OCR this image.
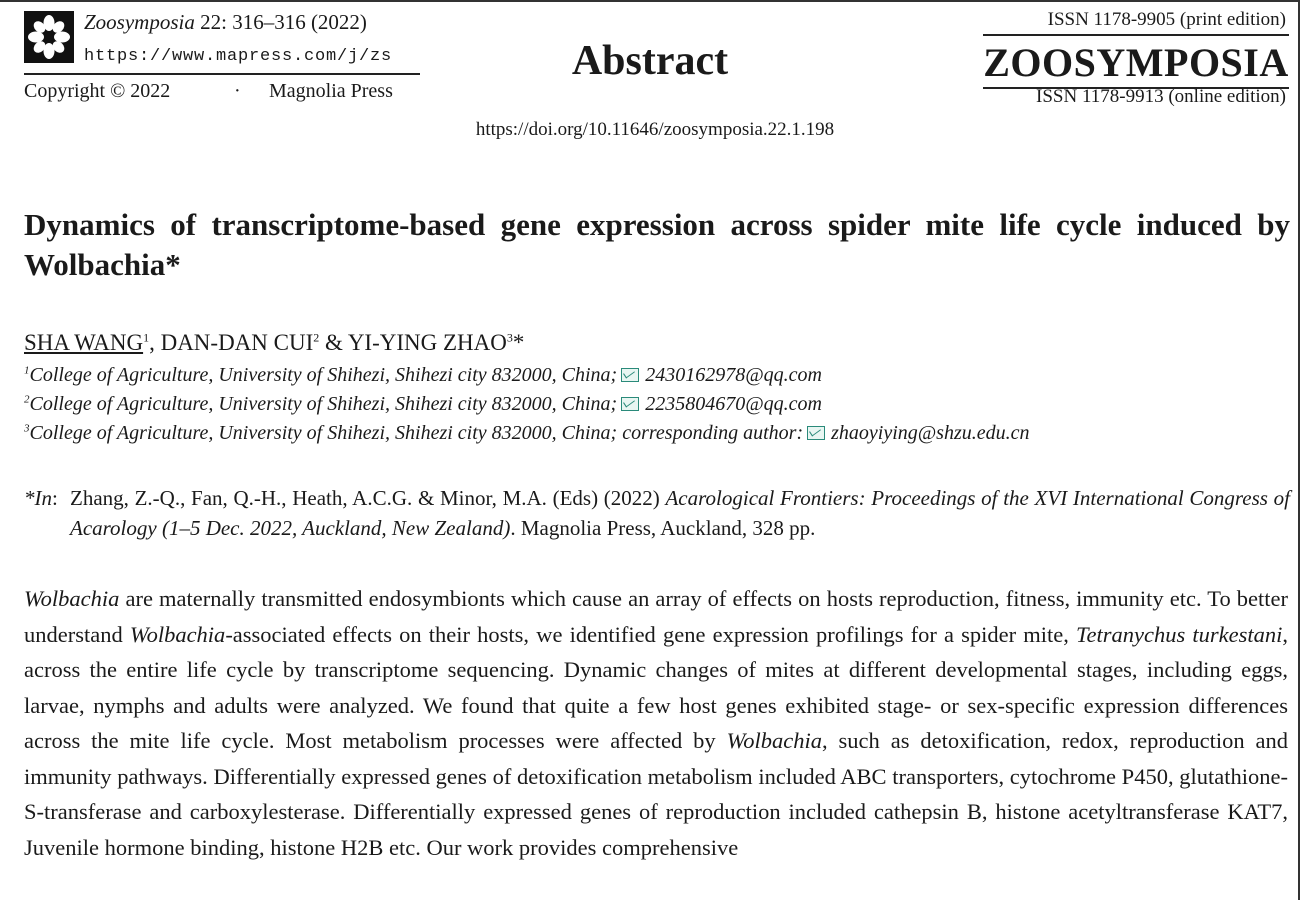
Zoosymposia 22: 316–316 (2022)
https://www.mapress.com/j/zs
Copyright © 2022	· Magnolia Press
Abstract
https://doi.org/10.11646/zoosymposia.22.1.198
ISSN 1178-9905 (print edition)
ZOOSYMPOSIA
ISSN 1178-9913 (online edition)
Dynamics of transcriptome-based gene expression across spider mite life cycle induced by Wolbachia*
SHA WANG$^1$, DAN-DAN CUI$^2$ & YI-YING ZHAO$^3$*
$^1$College of Agriculture, University of Shihezi, Shihezi city 832000, China; 2430162978@qq.com
$^2$College of Agriculture, University of Shihezi, Shihezi city 832000, China; 2235804670@qq.com
$^3$College of Agriculture, University of Shihezi, Shihezi city 832000, China; corresponding author: zhaoyiying@shzu.edu.cn
*In: Zhang, Z.-Q., Fan, Q.-H., Heath, A.C.G. & Minor, M.A. (Eds) (2022) Acarological Frontiers: Proceedings of the XVI International Congress of Acarology (1–5 Dec. 2022, Auckland, New Zealand). Magnolia Press, Auckland, 328 pp.
Wolbachia are maternally transmitted endosymbionts which cause an array of effects on hosts reproduction, fitness, immunity etc. To better understand Wolbachia-associated effects on their hosts, we identified gene expression profilings for a spider mite, Tetranychus turkestani, across the entire life cycle by transcriptome sequencing. Dynamic changes of mites at different developmental stages, including eggs, larvae, nymphs and adults were analyzed. We found that quite a few host genes exhibited stage- or sex-specific expression differences across the mite life cycle. Most metabolism processes were affected by Wolbachia, such as detoxification, redox, reproduction and immunity pathways. Differentially expressed genes of detoxification metabolism included ABC transporters, cytochrome P450, glutathione-S-transferase and carboxylesterase. Differentially expressed genes of reproduction included cathepsin B, histone acetyltransferase KAT7, Juvenile hormone binding, histone H2B etc. Our work provides comprehensive
